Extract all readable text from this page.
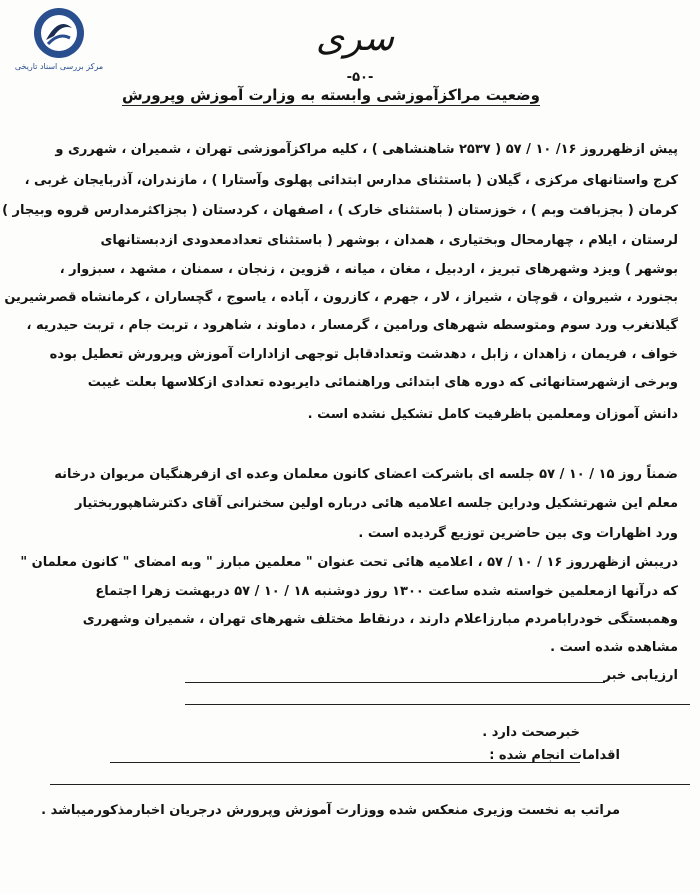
مرکز بررسی اسناد تاریخی
سری
-۵۰-
وضعیت مراکزآموزشی وابسته به وزارت آموزش وپرورش
پیش ازظهرروز ۱۶/ ۱۰ / ۵۷ ( ۲۵۳۷ شاهنشاهی ) ، کلیه مراکزآموزشی تهران ، شمیران ، شهرری و
کرج واستانهای مرکزی ، گیلان ( باستثنای مدارس ابتدائی پهلوی وآستارا ) ، مازندران، آذربایجان غربی ،
کرمان ( بجزبافت وبم ) ، خوزستان ( باستثنای خارک ) ، اصفهان ، کردستان ( بجزاکثرمدارس قروه وبیجار )
لرستان ، ایلام ، چهارمحال وبختیاری ، همدان ، بوشهر ( باستثنای تعدادمعدودی ازدبستانهای
بوشهر ) ویزد وشهرهای تبریز ، اردبیل ، مغان ، میانه ، قزوین ، زنجان ، سمنان ، مشهد ، سبزوار ،
بجنورد ، شیروان ، قوچان ، شیراز ، لار ، جهرم ، کازرون ، آباده ، یاسوج ، گچساران ، کرمانشاه قصرشیرین
گیلانغرب ورد سوم ومتوسطه شهرهای ورامین ، گرمسار ، دماوند ، شاهرود ، تربت جام ، تربت حیدریه ،
خواف ، فریمان ، زاهدان ، زابل ، دهدشت وتعدادقابل توجهی ازادارات آموزش وپرورش تعطیل بوده
وبرخی ازشهرستانهائی که دوره های ابتدائی وراهنمائی دایربوده تعدادی ازکلاسها بعلت غیبت
دانش آموزان ومعلمین باظرفیت کامل تشکیل نشده است .
ضمناً روز ۱۵ / ۱۰ / ۵۷ جلسه ای باشرکت اعضای کانون معلمان وعده ای ازفرهنگیان مریوان درخانه
معلم این شهرتشکیل ودراین جلسه اعلامیه هائی درباره اولین سخنرانی آقای دکترشاهپوربختیار
ورد اظهارات وی بین حاضرین توزیع گردیده است .
دریبش ازظهرروز ۱۶ / ۱۰ / ۵۷ ، اعلامیه هائی تحت عنوان " معلمین مبارز " وبه امضای " کانون معلمان "
که درآنها ازمعلمین خواسته شده ساعت ۱۳۰۰ روز دوشنبه ۱۸ / ۱۰ / ۵۷ دربهشت زهرا اجتماع
وهمبستگی خودرابامردم مبارزاعلام دارند ، درنقاط مختلف شهرهای تهران ، شمیران وشهرری
مشاهده شده است .
ارزیابی خبر
خبرصحت دارد .
اقدامات انجام شده :
مراتب به نخست وزیری منعکس شده ووزارت آموزش وپرورش درجریان اخبارمذکورمیباشد .
